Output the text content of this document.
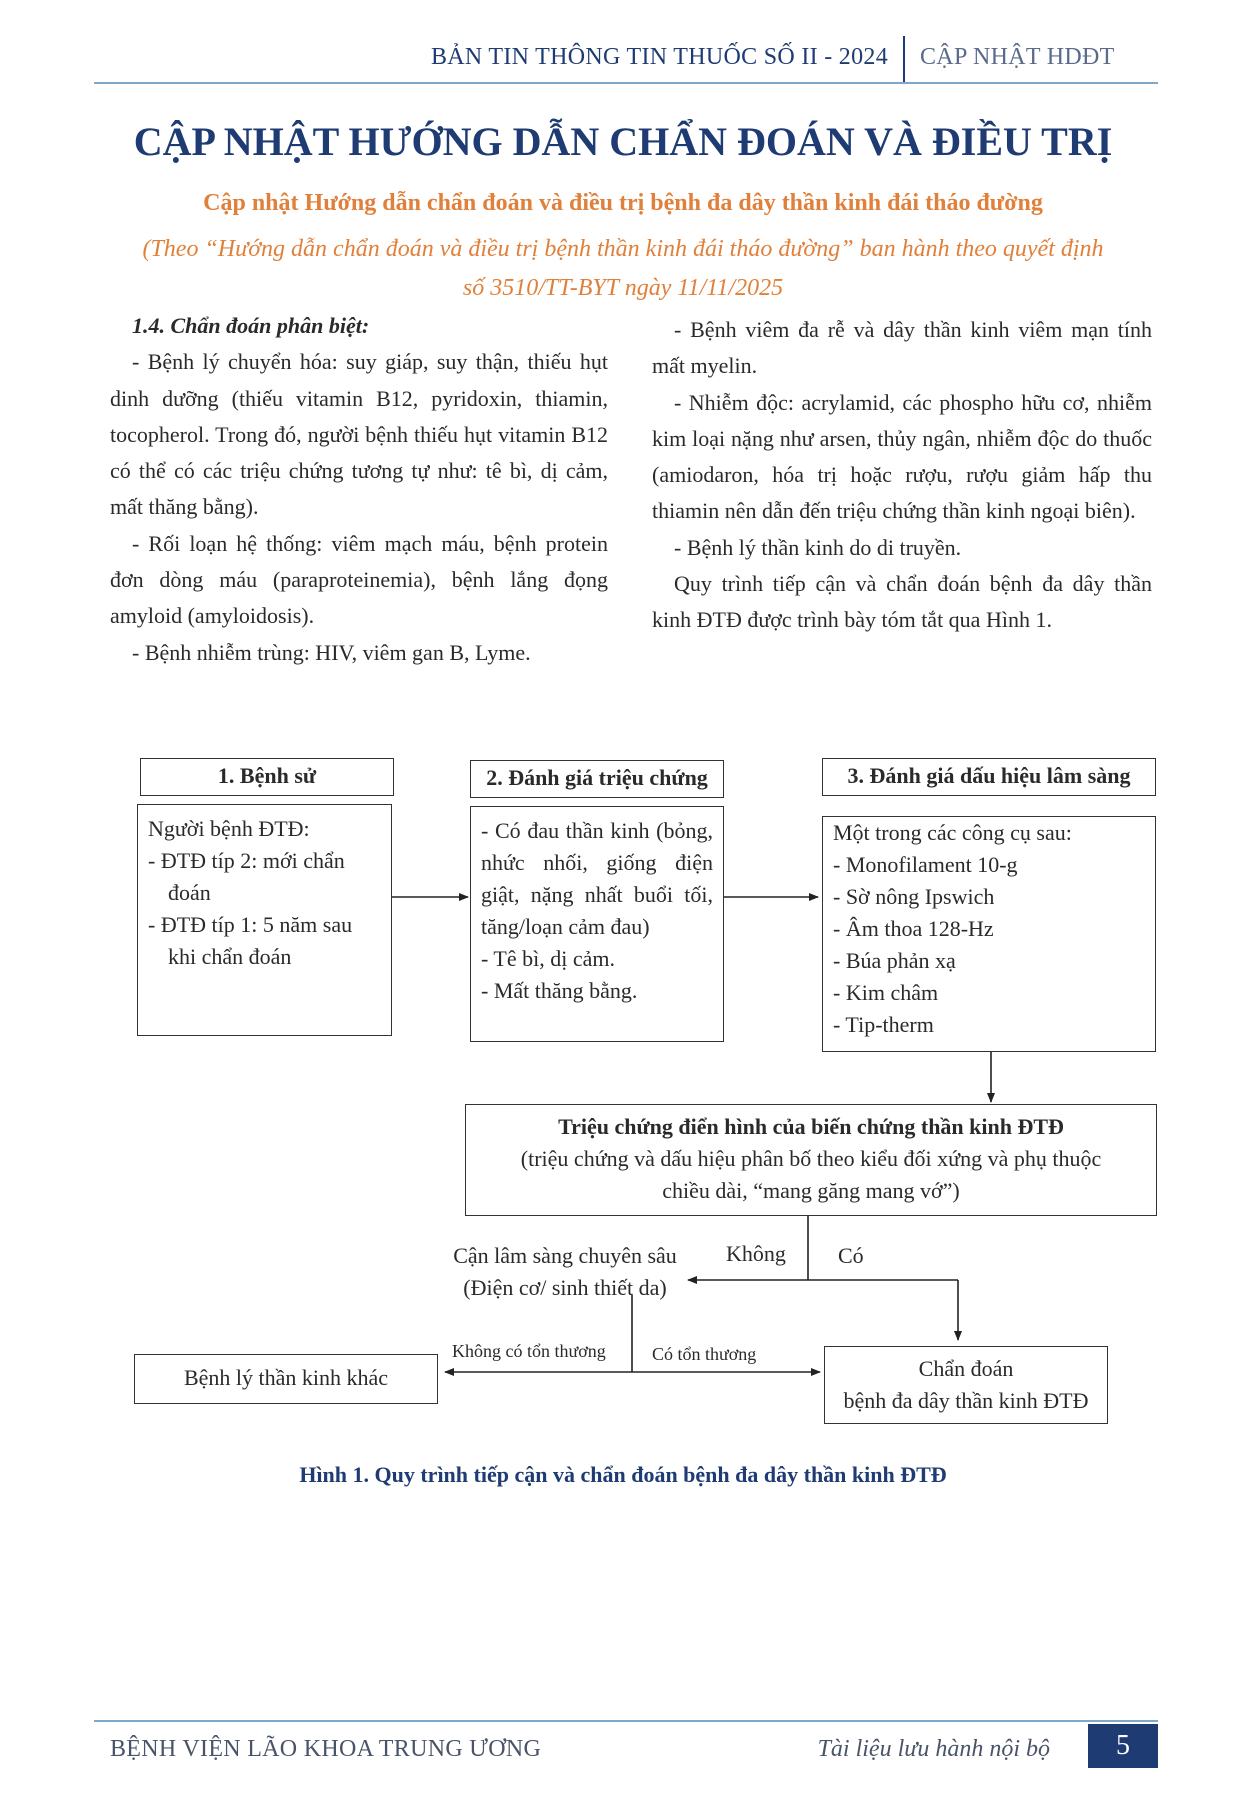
BẢN TIN THÔNG TIN THUỐC SỐ II - 2024 CẬP NHẬT HDĐT
CẬP NHẬT HƯỚNG DẪN CHẨN ĐOÁN VÀ ĐIỀU TRỊ
Cập nhật Hướng dẫn chẩn đoán và điều trị bệnh đa dây thần kinh đái tháo đường
(Theo “Hướng dẫn chẩn đoán và điều trị bệnh thần kinh đái tháo đường” ban hành theo quyết định
số 3510/TT-BYT ngày 11/11/2025
1.4. Chẩn đoán phân biệt:

- Bệnh lý chuyển hóa: suy giáp, suy thận, thiếu hụt dinh dưỡng (thiếu vitamin B12, pyridoxin, thiamin, tocopherol. Trong đó, người bệnh thiếu hụt vitamin B12 có thể có các triệu chứng tương tự như: tê bì, dị cảm, mất thăng bằng).

- Rối loạn hệ thống: viêm mạch máu, bệnh protein đơn dòng máu (paraproteinemia), bệnh lắng đọng amyloid (amyloidosis).

- Bệnh nhiễm trùng: HIV, viêm gan B, Lyme.

- Bệnh viêm đa rễ và dây thần kinh viêm mạn tính mất myelin.

- Nhiễm độc: acrylamid, các phospho hữu cơ, nhiễm kim loại nặng như arsen, thủy ngân, nhiễm độc do thuốc (amiodaron, hóa trị hoặc rượu, rượu giảm hấp thu thiamin nên dẫn đến triệu chứng thần kinh ngoại biên).

- Bệnh lý thần kinh do di truyền.

Quy trình tiếp cận và chẩn đoán bệnh đa dây thần kinh ĐTĐ được trình bày tóm tắt qua Hình 1.

1. Bệnh sử
Người bệnh ĐTĐ:
- ĐTĐ típ 2: mới chẩn đoán
- ĐTĐ típ 1: 5 năm sau khi chẩn đoán
2. Đánh giá triệu chứng
- Có đau thần kinh (bỏng, nhức nhối, giống điện giật, nặng nhất buổi tối, tăng/loạn cảm đau)
- Tê bì, dị cảm.
- Mất thăng bằng.
3. Đánh giá dấu hiệu lâm sàng
Một trong các công cụ sau:
- Monofilament 10-g
- Sờ nông Ipswich
- Âm thoa 128-Hz
- Búa phản xạ
- Kim châm
- Tip-therm
Triệu chứng điển hình của biến chứng thần kinh ĐTĐ
(triệu chứng và dấu hiệu phân bố theo kiểu đối xứng và phụ thuộc chiều dài, “mang găng mang vớ”)
Cận lâm sàng chuyên sâu
(Điện cơ/ sinh thiết da)
Không Có
Không có tổn thương	Có tổn thương
Bệnh lý thần kinh khác	Chẩn đoán
bệnh đa dây thần kinh ĐTĐ
Hình 1. Quy trình tiếp cận và chẩn đoán bệnh đa dây thần kinh ĐTĐ
BỆNH VIỆN LÃO KHOA TRUNG ƯƠNG	Tài liệu lưu hành nội bộ	5
